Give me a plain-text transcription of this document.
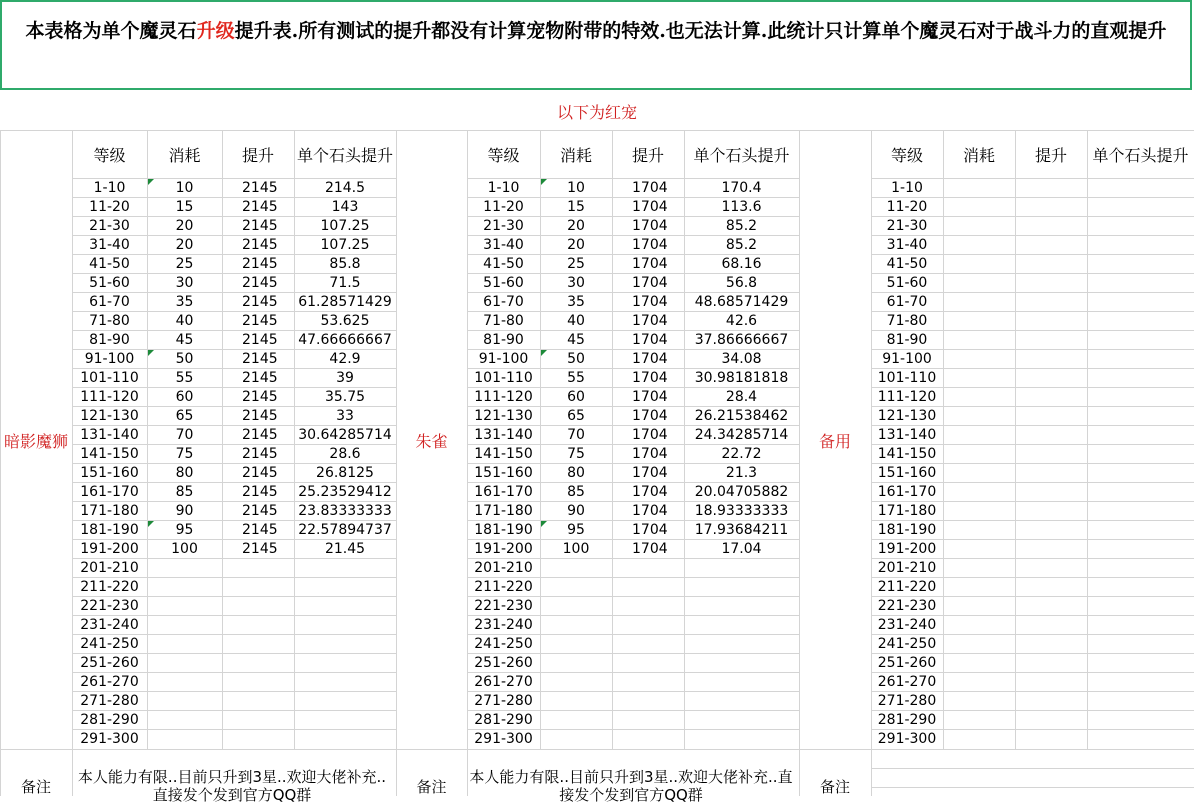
本表格为单个魔灵石升级提升表.所有测试的提升都没有计算宠物附带的特效.也无法计算.此统计只计算单个魔灵石对于战斗力的直观提升
以下为红宠
暗影魔狮
等级	消耗	提升	单个石头提升
1-10	10	2145	214.5
11-20	15	2145	143
21-30	20	2145	107.25
31-40	20	2145	107.25
41-50	25	2145	85.8
51-60	30	2145	71.5
61-70	35	2145	61.28571429
71-80	40	2145	53.625
81-90	45	2145	47.66666667
91-100	50	2145	42.9
101-110	55	2145	39
111-120	60	2145	35.75
121-130	65	2145	33
131-140	70	2145	30.64285714
141-150	75	2145	28.6
151-160	80	2145	26.8125
161-170	85	2145	25.23529412
171-180	90	2145	23.83333333
181-190	95	2145	22.57894737
191-200	100	2145	21.45
201-210
211-220
221-230
231-240
241-250
251-260
261-270
271-280
281-290
291-300
备注
本人能力有限..目前只升到3星..欢迎大佬补充..直接发个发到官方QQ群
朱雀
等级	消耗	提升	单个石头提升
1-10	10	1704	170.4
11-20	15	1704	113.6
21-30	20	1704	85.2
31-40	20	1704	85.2
41-50	25	1704	68.16
51-60	30	1704	56.8
61-70	35	1704	48.68571429
71-80	40	1704	42.6
81-90	45	1704	37.86666667
91-100	50	1704	34.08
101-110	55	1704	30.98181818
111-120	60	1704	28.4
121-130	65	1704	26.21538462
131-140	70	1704	24.34285714
141-150	75	1704	22.72
151-160	80	1704	21.3
161-170	85	1704	20.04705882
171-180	90	1704	18.93333333
181-190	95	1704	17.93684211
191-200	100	1704	17.04
201-210
211-220
221-230
231-240
241-250
251-260
261-270
271-280
281-290
291-300
备注
本人能力有限..目前只升到3星..欢迎大佬补充..直接发个发到官方QQ群
备用
等级	消耗	提升	单个石头提升
1-10
11-20
21-30
31-40
41-50
51-60
61-70
71-80
81-90
91-100
101-110
111-120
121-130
131-140
141-150
151-160
161-170
171-180
181-190
191-200
201-210
211-220
221-230
231-240
241-250
251-260
261-270
271-280
281-290
291-300
备注
